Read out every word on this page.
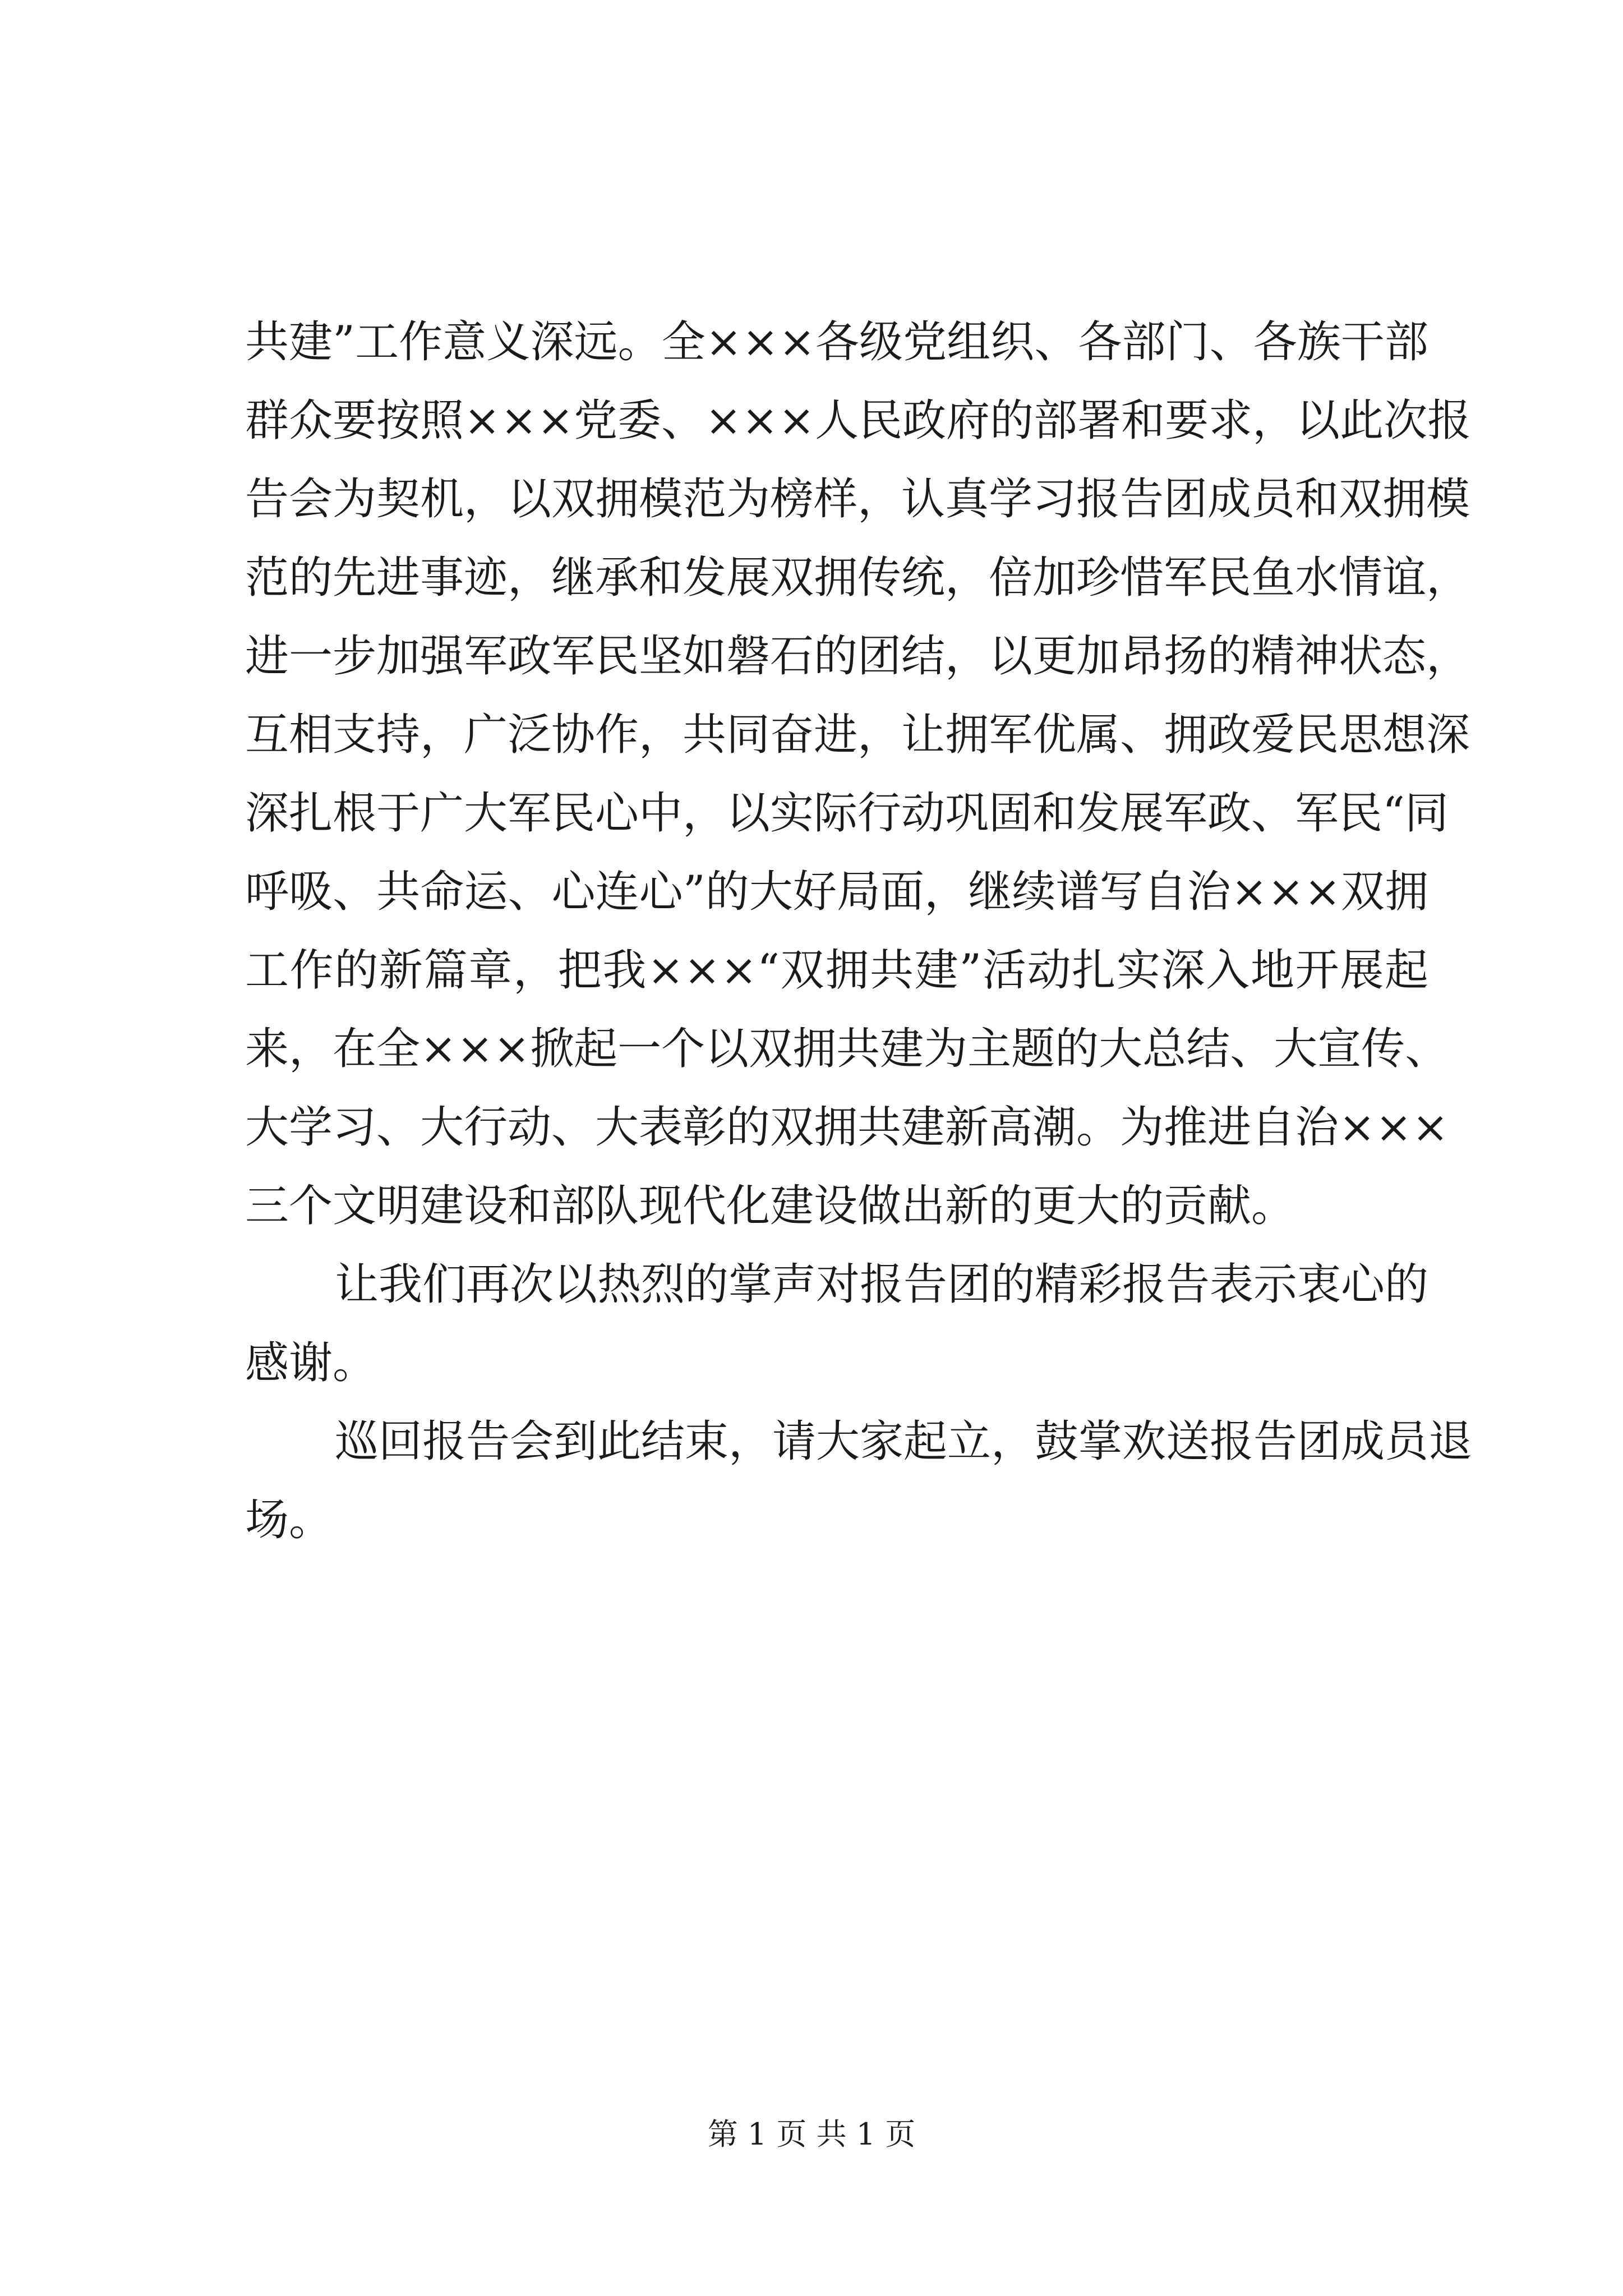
共建”工作意义深远。全×××各级党组织、各部门、各族干部
群众要按照×××党委、×××人民政府的部署和要求，以此次报
告会为契机，以双拥模范为榜样，认真学习报告团成员和双拥模
范的先进事迹，继承和发展双拥传统，倍加珍惜军民鱼水情谊，
进一步加强军政军民坚如磐石的团结，以更加昂扬的精神状态，
互相支持，广泛协作，共同奋进，让拥军优属、拥政爱民思想深
深扎根于广大军民心中，以实际行动巩固和发展军政、军民“同
呼吸、共命运、心连心”的大好局面，继续谱写自治×××双拥
工作的新篇章，把我×××“双拥共建”活动扎实深入地开展起
来，在全×××掀起一个以双拥共建为主题的大总结、大宣传、
大学习、大行动、大表彰的双拥共建新高潮。为推进自治×××
三个文明建设和部队现代化建设做出新的更大的贡献。
让我们再次以热烈的掌声对报告团的精彩报告表示衷心的
感谢。
巡回报告会到此结束，请大家起立，鼓掌欢送报告团成员退
场。
第 1 页 共 1 页
